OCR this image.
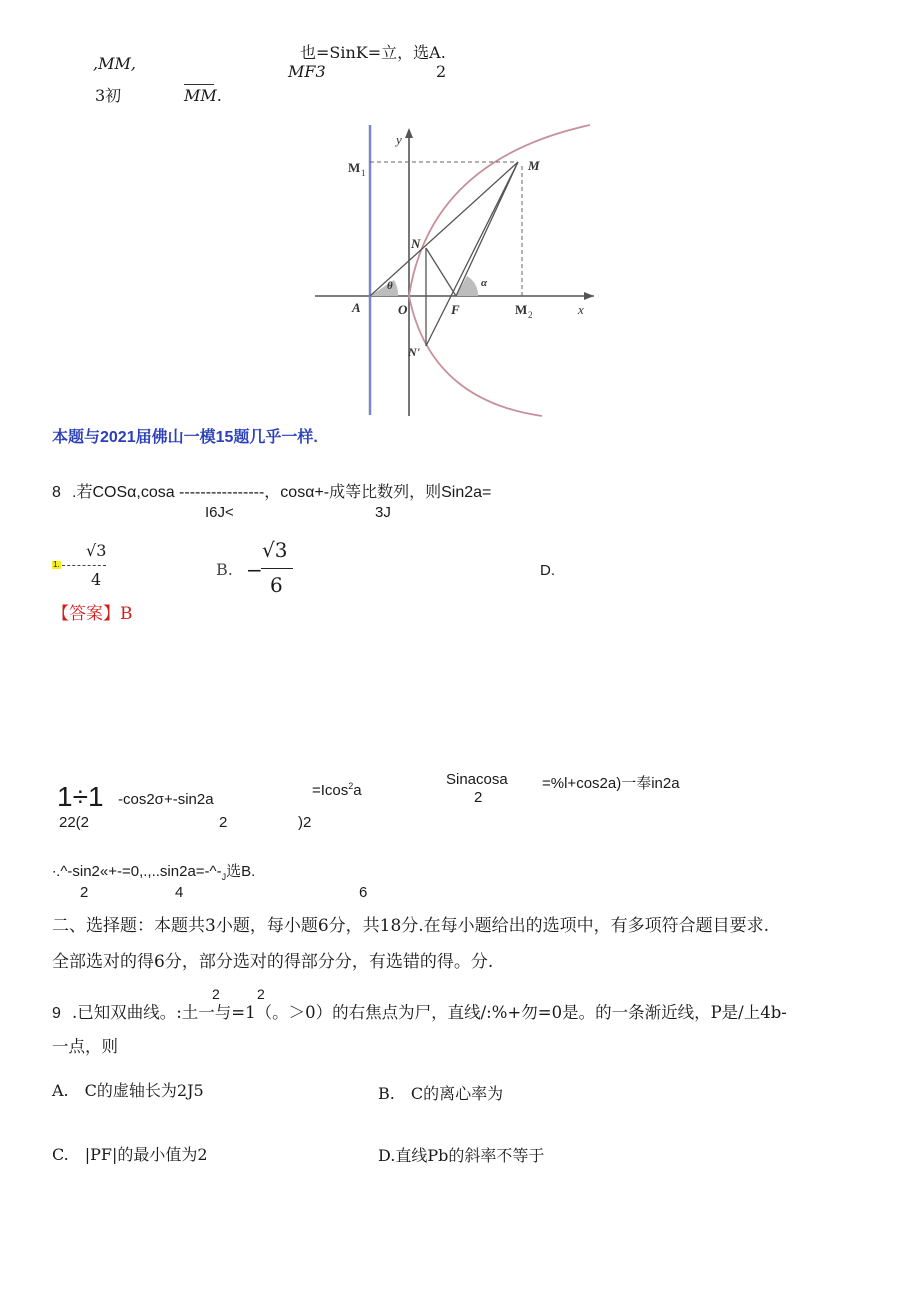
,MM,
3初	MM.
也=SinK=立，选A.
MF3	2
y
x
M 1	M
N
N'
A	O	F	M 2
θ	α
本题与2021届佛山一模15题几乎一样.
8 .若COSα,cosa ----------------，cosα+-成等比数列，则Sin2a=
I6J<	3J
1.
√3
4
B. −
√3
6
D.
【答案】B
1÷1 -cos2σ+-sin2a
=Icos$^2$a
Sinacosa
2
=%l+cos2a)一奉in2a
22(2	2	)2
$\cdot.\^{}-\sin 2«+-=0,.,..\sin 2a=-\^{}-_J$选B.
2	4	6
二、选择题：本题共3小题，每小题6分，共18分.在每小题给出的选项中，有多项符合题目要求.
全部选对的得6分，部分选对的得部分分，有选错的得。分.
2	2
9 .已知双曲线。:土一与=1（。＞0）的右焦点为尸，直线/:%+勿=0是。的一条渐近线，P是/上4b-
一点，则
A.　C的虚轴长为2J5	B.　C的离心率为
C.　|PF|的最小值为2	D.直线Pb的斜率不等于
